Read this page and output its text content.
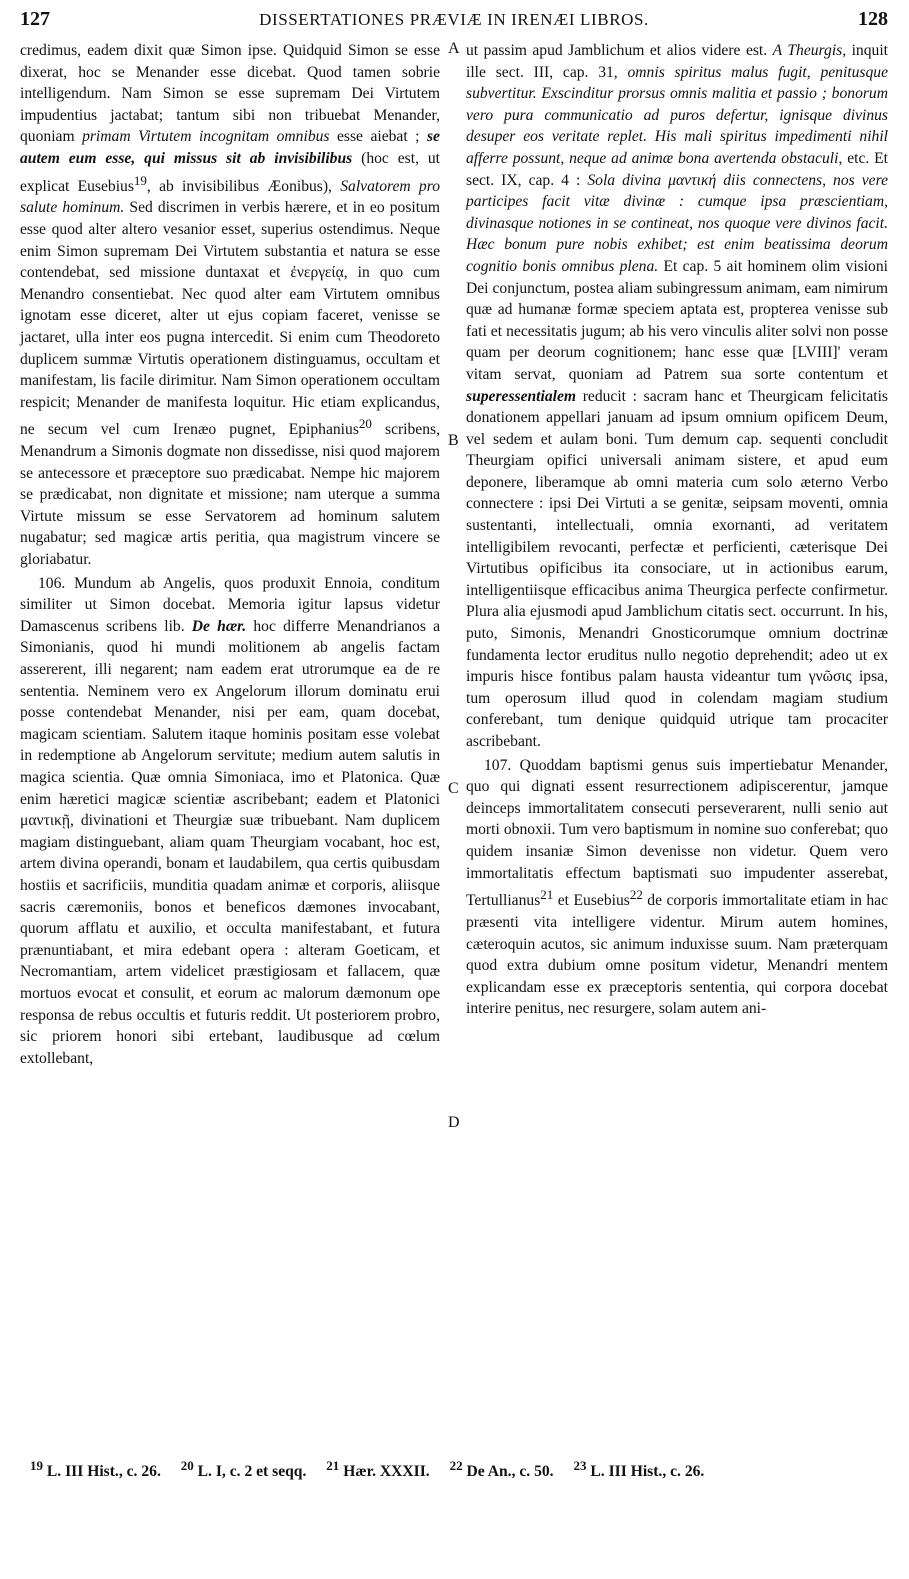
127	DISSERTATIONES PRÆVIÆ IN IRENÆI LIBROS.	128
A
B
C
D

credimus, eadem dixit quæ Simon ipse. Quidquid Simon se esse dixerat, hoc se Menander esse dicebat. Quod tamen sobrie intelligendum. Nam Simon se esse supremam Dei Virtutem impudentius jactabat; tantum sibi non tribuebat Menander, quoniam primam Virtutem incognitam omnibus esse aiebat ; se autem eum esse, qui missus sit ab invisibilibus (hoc est, ut explicat Eusebius$^{19}$, ab invisibilibus Æonibus), Salvatorem pro salute hominum. Sed discrimen in verbis hærere, et in eo positum esse quod alter altero vesanior esset, superius ostendimus. Neque enim Simon supremam Dei Virtutem substantia et natura se esse contendebat, sed missione duntaxat et ἐνεργείᾳ, in quo cum Menandro consentiebat. Nec quod alter eam Virtutem omnibus ignotam esse diceret, alter ut ejus copiam faceret, venisse se jactaret, ulla inter eos pugna intercedit. Si enim cum Theodoreto duplicem summæ Virtutis operationem distinguamus, occultam et manifestam, lis facile dirimitur. Nam Simon operationem occultam respicit; Menander de manifesta loquitur. Hic etiam explicandus, ne secum vel cum Irenæo pugnet, Epiphanius$^{20}$ scribens, Menandrum a Simonis dogmate non dissedisse, nisi quod majorem se antecessore et præceptore suo prædicabat. Nempe hic majorem se prædicabat, non dignitate et missione; nam uterque a summa Virtute missum se esse Servatorem ad hominum salutem nugabatur; sed magicæ artis peritia, qua magistrum vincere se gloriabatur.

106. Mundum ab Angelis, quos produxit Ennoia, conditum similiter ut Simon docebat. Memoria igitur lapsus videtur Damascenus scribens lib. De hær. hoc differre Menandrianos a Simonianis, quod hi mundi molitionem ab angelis factam assererent, illi negarent; nam eadem erat utrorumque ea de re sententia. Neminem vero ex Angelorum illorum dominatu erui posse contendebat Menander, nisi per eam, quam docebat, magicam scientiam. Salutem itaque hominis positam esse volebat in redemptione ab Angelorum servitute; medium autem salutis in magica scientia. Quæ omnia Simoniaca, imo et Platonica. Quæ enim hæretici magicæ scientiæ ascribebant; eadem et Platonici μαντικῇ, divinationi et Theurgiæ suæ tribuebant. Nam duplicem magiam distinguebant, aliam quam Theurgiam vocabant, hoc est, artem divina operandi, bonam et laudabilem, qua certis quibusdam hostiis et sacrificiis, munditia quadam animæ et corporis, aliisque sacris cæremoniis, bonos et beneficos dæmones invocabant, quorum afflatu et auxilio, et occulta manifestabant, et futura prænuntiabant, et mira edebant opera : alteram Goeticam, et Necromantiam, artem videlicet præstigiosam et fallacem, quæ mortuos evocat et consulit, et eorum ac malorum dæmonum ope responsa de rebus occultis et futuris reddit. Ut posteriorem probro, sic priorem honori sibi ertebant, laudibusque ad cœlum extollebant,

ut passim apud Jamblichum et alios videre est. A Theurgis, inquit ille sect. III, cap. 31, omnis spiritus malus fugit, penitusque subvertitur. Exscinditur prorsus omnis malitia et passio ; bonorum vero pura communicatio ad puros defertur, ignisque divinus desuper eos veritate replet. His mali spiritus impedimenti nihil afferre possunt, neque ad animæ bona avertenda obstaculi, etc. Et sect. IX, cap. 4 : Sola divina μαντική diis connectens, nos vere participes facit vitæ divinæ : cumque ipsa præscientiam, divinasque notiones in se contineat, nos quoque vere divinos facit. Hæc bonum pure nobis exhibet; est enim beatissima deorum cognitio bonis omnibus plena. Et cap. 5 ait hominem olim visioni Dei conjunctum, postea aliam subingressum animam, eam nimirum quæ ad humanæ formæ speciem aptata est, propterea venisse sub fati et necessitatis jugum; ab his vero vinculis aliter solvi non posse quam per deorum cognitionem; hanc esse quæ [LVIII]' veram vitam servat, quoniam ad Patrem sua sorte contentum et superessentialem reducit : sacram hanc et Theurgicam felicitatis donationem appellari januam ad ipsum omnium opificem Deum, vel sedem et aulam boni. Tum demum cap. sequenti concludit Theurgiam opifici universali animam sistere, et apud eum deponere, liberamque ab omni materia cum solo æterno Verbo connectere : ipsi Dei Virtuti a se genitæ, seipsam moventi, omnia sustentanti, intellectuali, omnia exornanti, ad veritatem intelligibilem revocanti, perfectæ et perficienti, cæterisque Dei Virtutibus opificibus ita consociare, ut in actionibus earum, intelligentiisque efficacibus anima Theurgica perfecte confirmetur. Plura alia ejusmodi apud Jamblichum citatis sect. occurrunt. In his, puto, Simonis, Menandri Gnosticorumque omnium doctrinæ fundamenta lector eruditus nullo negotio deprehendit; adeo ut ex impuris hisce fontibus palam hausta videantur tum γνῶσις ipsa, tum operosum illud quod in colendam magiam studium conferebant, tum denique quidquid utrique tam procaciter ascribebant.

107. Quoddam baptismi genus suis impertiebatur Menander, quo qui dignati essent resurrectionem adipiscerentur, jamque deinceps immortalitatem consecuti perseverarent, nulli senio aut morti obnoxii. Tum vero baptismum in nomine suo conferebat; quo quidem insaniæ Simon devenisse non videtur. Quem vero immortalitatis effectum baptismati suo impudenter asserebat, Tertullianus$^{21}$ et Eusebius$^{22}$ de corporis immortalitate etiam in hac præsenti vita intelligere videntur. Mirum autem homines, cæteroquin acutos, sic animum induxisse suum. Nam præterquam quod extra dubium omne positum videtur, Menandri mentem explicandam esse ex præceptoris sententia, qui corpora docebat interire penitus, nec resurgere, solam autem ani-

$^{19}$ L. III Hist., c. 26. $^{20}$ L. I, c. 2 et seqq. $^{21}$ Hær. XXXII. $^{22}$ De An., c. 50. $^{23}$ L. III Hist., c. 26.
